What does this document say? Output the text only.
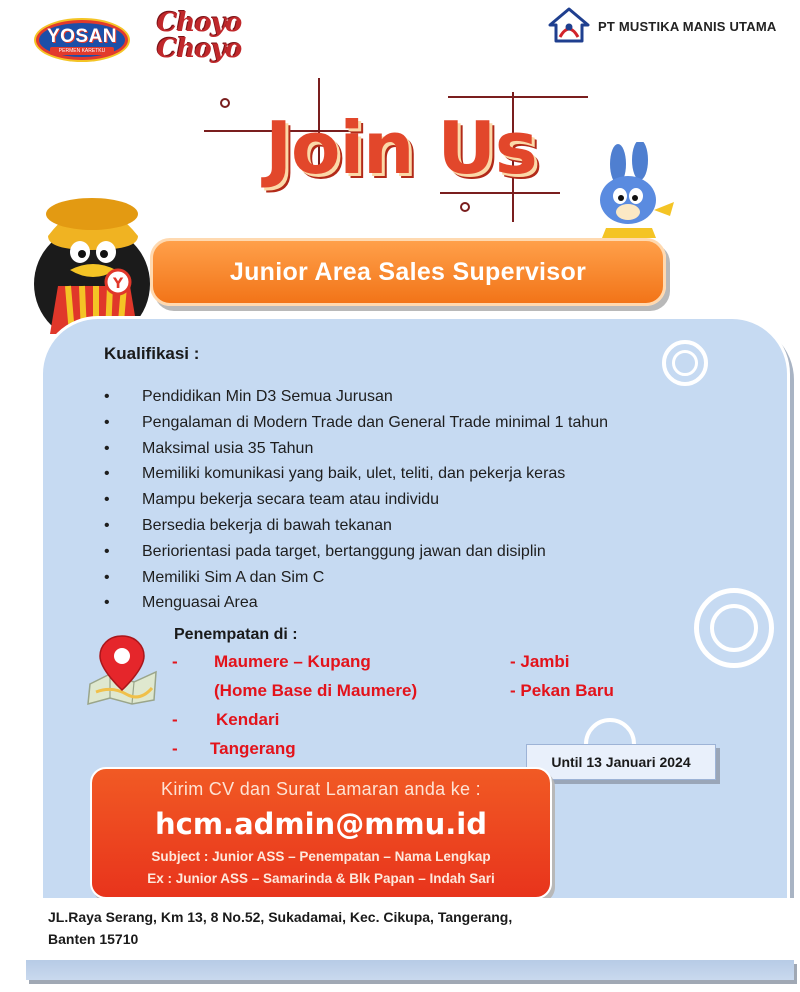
YOSAN
PERMEN KARETKU
Choyo
Choyo
PT MUSTIKA MANIS UTAMA
Join Us
Y	Junior Area Sales Supervisor
Kualifikasi :
• Pendidikan Min D3 Semua Jurusan
• Pengalaman di Modern Trade dan General Trade minimal 1 tahun
• Maksimal usia 35 Tahun
• Memiliki komunikasi yang baik, ulet, teliti, dan pekerja keras
• Mampu bekerja secara team atau individu
• Bersedia bekerja di bawah tekanan
• Beriorientasi pada target, bertanggung jawan dan disiplin
• Memiliki Sim A dan Sim C
• Menguasai Area
Penempatan di :
- Maumere – Kupang
(Home Base di Maumere)
- Kendari
- Tangerang
- Jambi
- Pekan Baru
Until 13 Januari 2024
Kirim CV dan Surat Lamaran anda ke :
hcm.admin@mmu.id
Subject : Junior ASS – Penempatan – Nama Lengkap
Ex : Junior ASS – Samarinda & Blk Papan – Indah Sari
JL.Raya Serang, Km 13, 8 No.52, Sukadamai, Kec. Cikupa, Tangerang,
Banten 15710
